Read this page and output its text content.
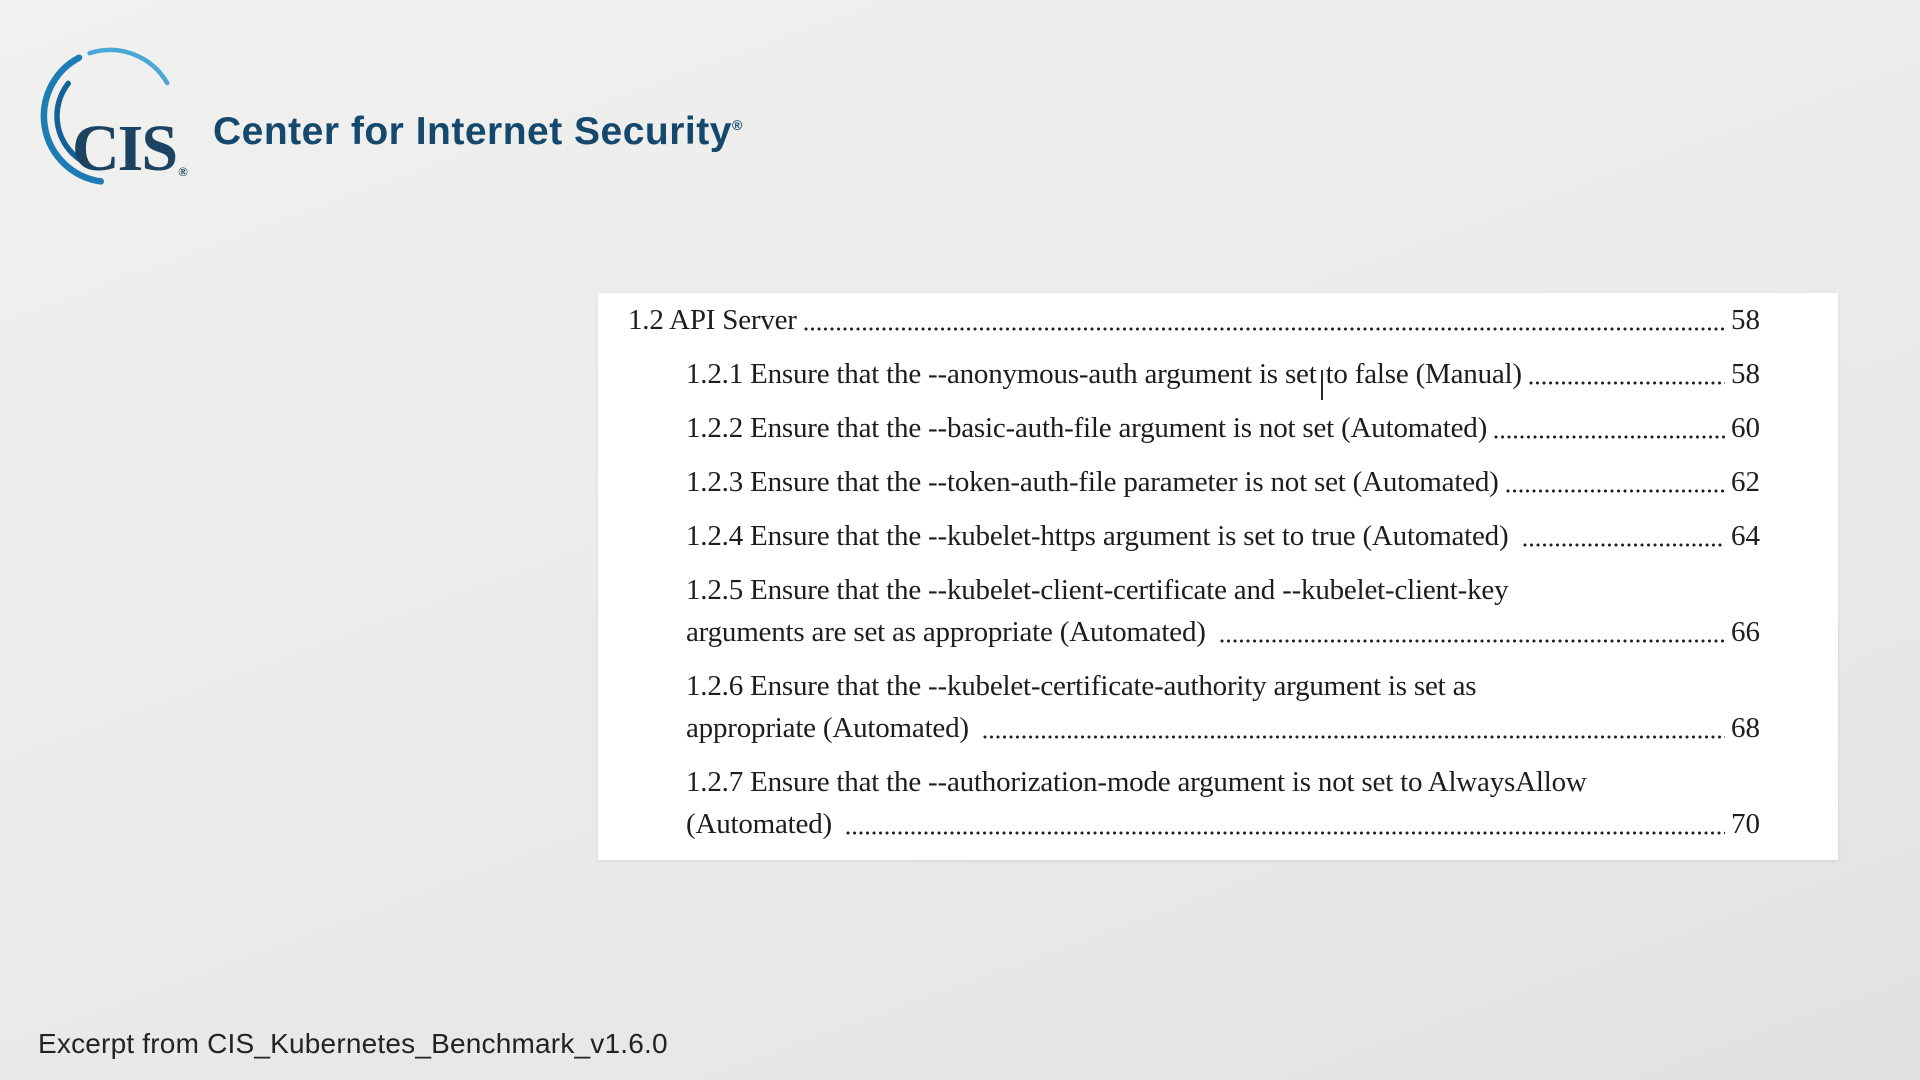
CIS ®
Center for Internet Security®
1.2 API Server	58
1.2.1 Ensure that the --anonymous-auth argument is set to false (Manual)	58
1.2.2 Ensure that the --basic-auth-file argument is not set (Automated)	60
1.2.3 Ensure that the --token-auth-file parameter is not set (Automated)	62
1.2.4 Ensure that the --kubelet-https argument is set to true (Automated)	64
1.2.5 Ensure that the --kubelet-client-certificate and --kubelet-client-key
arguments are set as appropriate (Automated)	66
1.2.6 Ensure that the --kubelet-certificate-authority argument is set as
appropriate (Automated)	68
1.2.7 Ensure that the --authorization-mode argument is not set to AlwaysAllow
(Automated)	70
Excerpt from CIS_Kubernetes_Benchmark_v1.6.0
